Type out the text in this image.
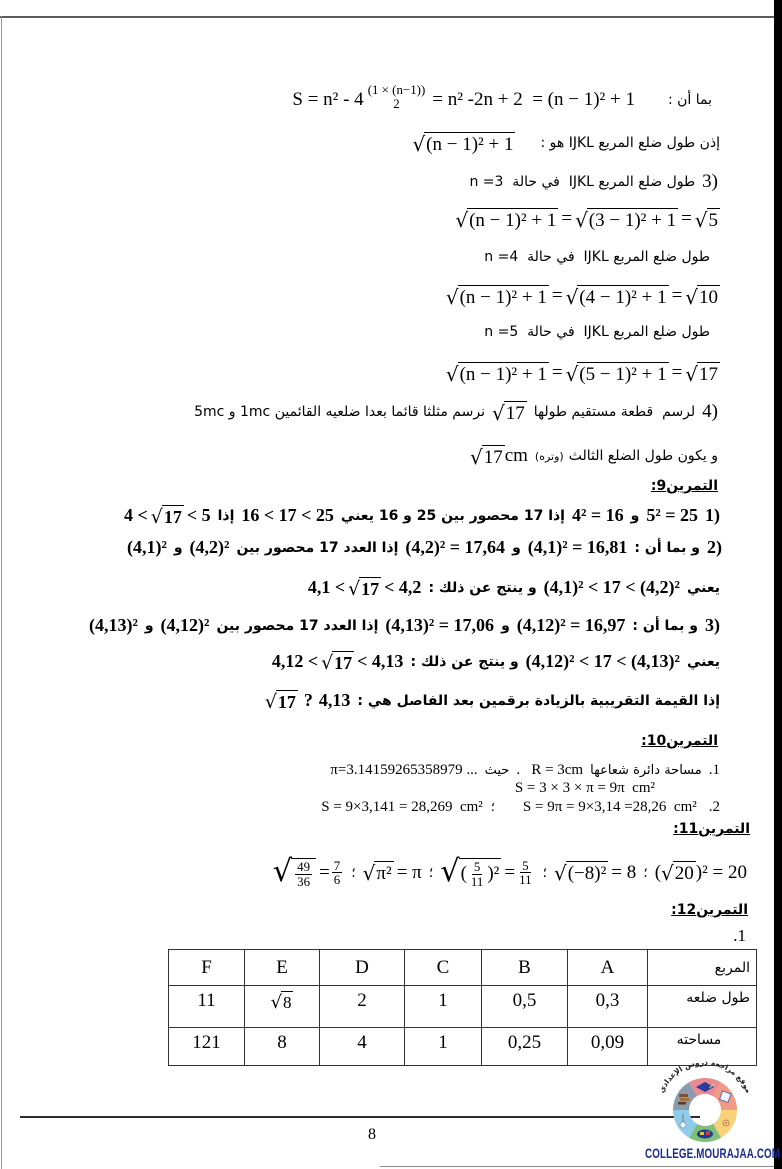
S = n² - 4 (1 × (n−1))
2 = n² -2n + 2  = (n − 1)² + 1 بما أن :
√ (n − 1)² + 1 إذن طول ضلع المربع IJKL هو :
طول ضلع المربع IJKL  في حالة  n =3 3)
√ (n − 1)² + 1 = √ (3 − 1)² + 1 = √ 5
طول ضلع المربع IJKL  في حالة  n =4
√ (n − 1)² + 1 = √ (4 − 1)² + 1 = √ 10
طول ضلع المربع IJKL  في حالة  n =5
√ (n − 1)² + 1 = √ (5 − 1)² + 1 = √ 17
نرسم مثلثا قائما بعدا ضلعيه القائمين 1mc و 5mc √ 17 لرسم  قطعة مستقيم طولها 4)
√ 17 cm	و يكون طول الضلع الثالث(وتره)
التمرين9:
4 < √ 17 < 5 إذا 16 < 17 < 25 إذا 17 محصور بين 25 و 16 يعني 4² = 16 و 5² = 25 1)
(4,1)² و (4,2)² إذا العدد 17 محصور بين (4,2)² = 17,64 و (4,1)² = 16,81 و بما أن : 2)
4,1 < √ 17 < 4,2 و ينتج عن ذلك : (4,1)² < 17 < (4,2)² يعني
(4,13)² و (4,12)² إذا العدد 17 محصور بين (4,13)² = 17,06 و (4,12)² = 16,97 و بما أن : 3)
4,12 < √ 17 < 4,13 و ينتج عن ذلك : (4,12)² < 17 < (4,13)² يعني
√ 17 ? 4,13 إذا القيمة التقريبية بالزيادة برقمين بعد الفاصل هي :
التمرين10:
π=3.14159265358979 ... حيث .   R = 3cm مساحة دائرة شعاعها .1
S = 3 × 3 × π = 9π  cm²
S = 9×3,141 = 28,269  cm² ؛ S = 9π = 9×3,14 =28,26  cm² .2
التمرين11:
√ $\frac{49}{36} = \frac{7}{6}$ ؛ √ π² = π ؛ √ ( $\frac{5}{11} )^2 = \frac{5}{11}$ ؛ √ (−8)² = 8 ؛ ( √ 20 )² = 20
التمرين12:
.1
المربع	A	B	C	D	E	F
طول ضلعه	0,3	0,5	1	2	√ 8	11
مساحته	0,09	0,25	1	4	8	121
8
موقع مراجعة دروس الإعدادي
COLLEGE.MOURAJAA.COM
